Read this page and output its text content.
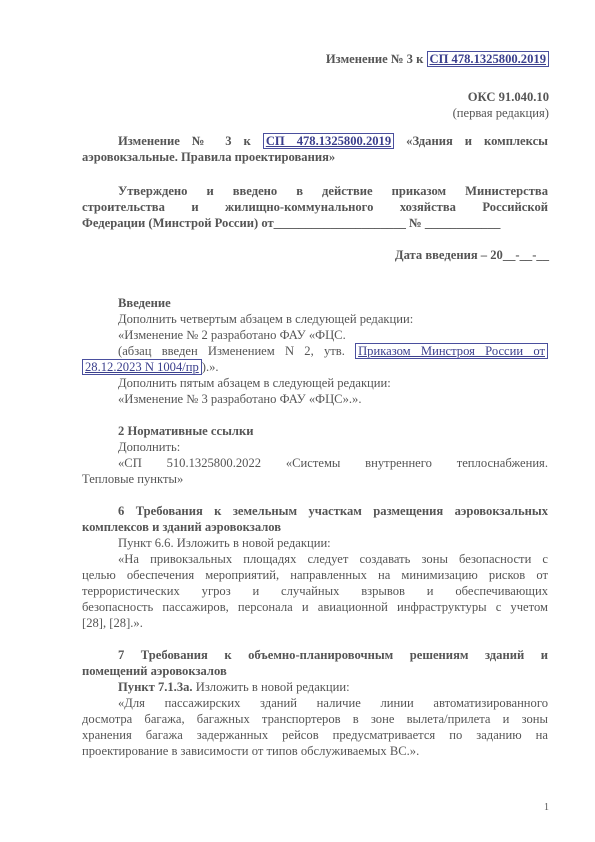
Изменение № 3 к СП 478.1325800.2019
ОКС 91.040.10
(первая редакция)
Изменение № 3 к СП 478.1325800.2019 «Здания и комплексы
аэровокзальные. Правила проектирования»
Утверждено и введено в действие приказом Министерства
строительства и жилищно-коммунального хозяйства Российской
Федерации (Минстрой России) от_____________________ № ____________
Дата введения – 20__-__-__
Введение
Дополнить четвертым абзацем в следующей редакции:
«Изменение № 2 разработано ФАУ «ФЦС.
(абзац введен Изменением N 2, утв. Приказом Минстроя России от
28.12.2023 N 1004/пр ).».
Дополнить пятым абзацем в следующей редакции:
«Изменение № 3 разработано ФАУ «ФЦС».».
2 Нормативные ссылки
Дополнить:
«СП 510.1325800.2022 «Системы внутреннего теплоснабжения.
Тепловые пункты»
6 Требования к земельным участкам размещения аэровокзальных
комплексов и зданий аэровокзалов
Пункт 6.6. Изложить в новой редакции:
«На привокзальных площадях следует создавать зоны безопасности с
целью обеспечения мероприятий, направленных на минимизацию рисков от
террористических угроз и случайных взрывов и обеспечивающих
безопасность пассажиров, персонала и авиационной инфраструктуры с учетом
[28], [28].».
7 Требования к объемно-планировочным решениям зданий и
помещений аэровокзалов
Пункт 7.1.3а. Изложить в новой редакции:
«Для пассажирских зданий наличие линии автоматизированного
досмотра багажа, багажных транспортеров в зоне вылета/прилета и зоны
хранения багажа задержанных рейсов предусматривается по заданию на
проектирование в зависимости от типов обслуживаемых ВС.».
1
